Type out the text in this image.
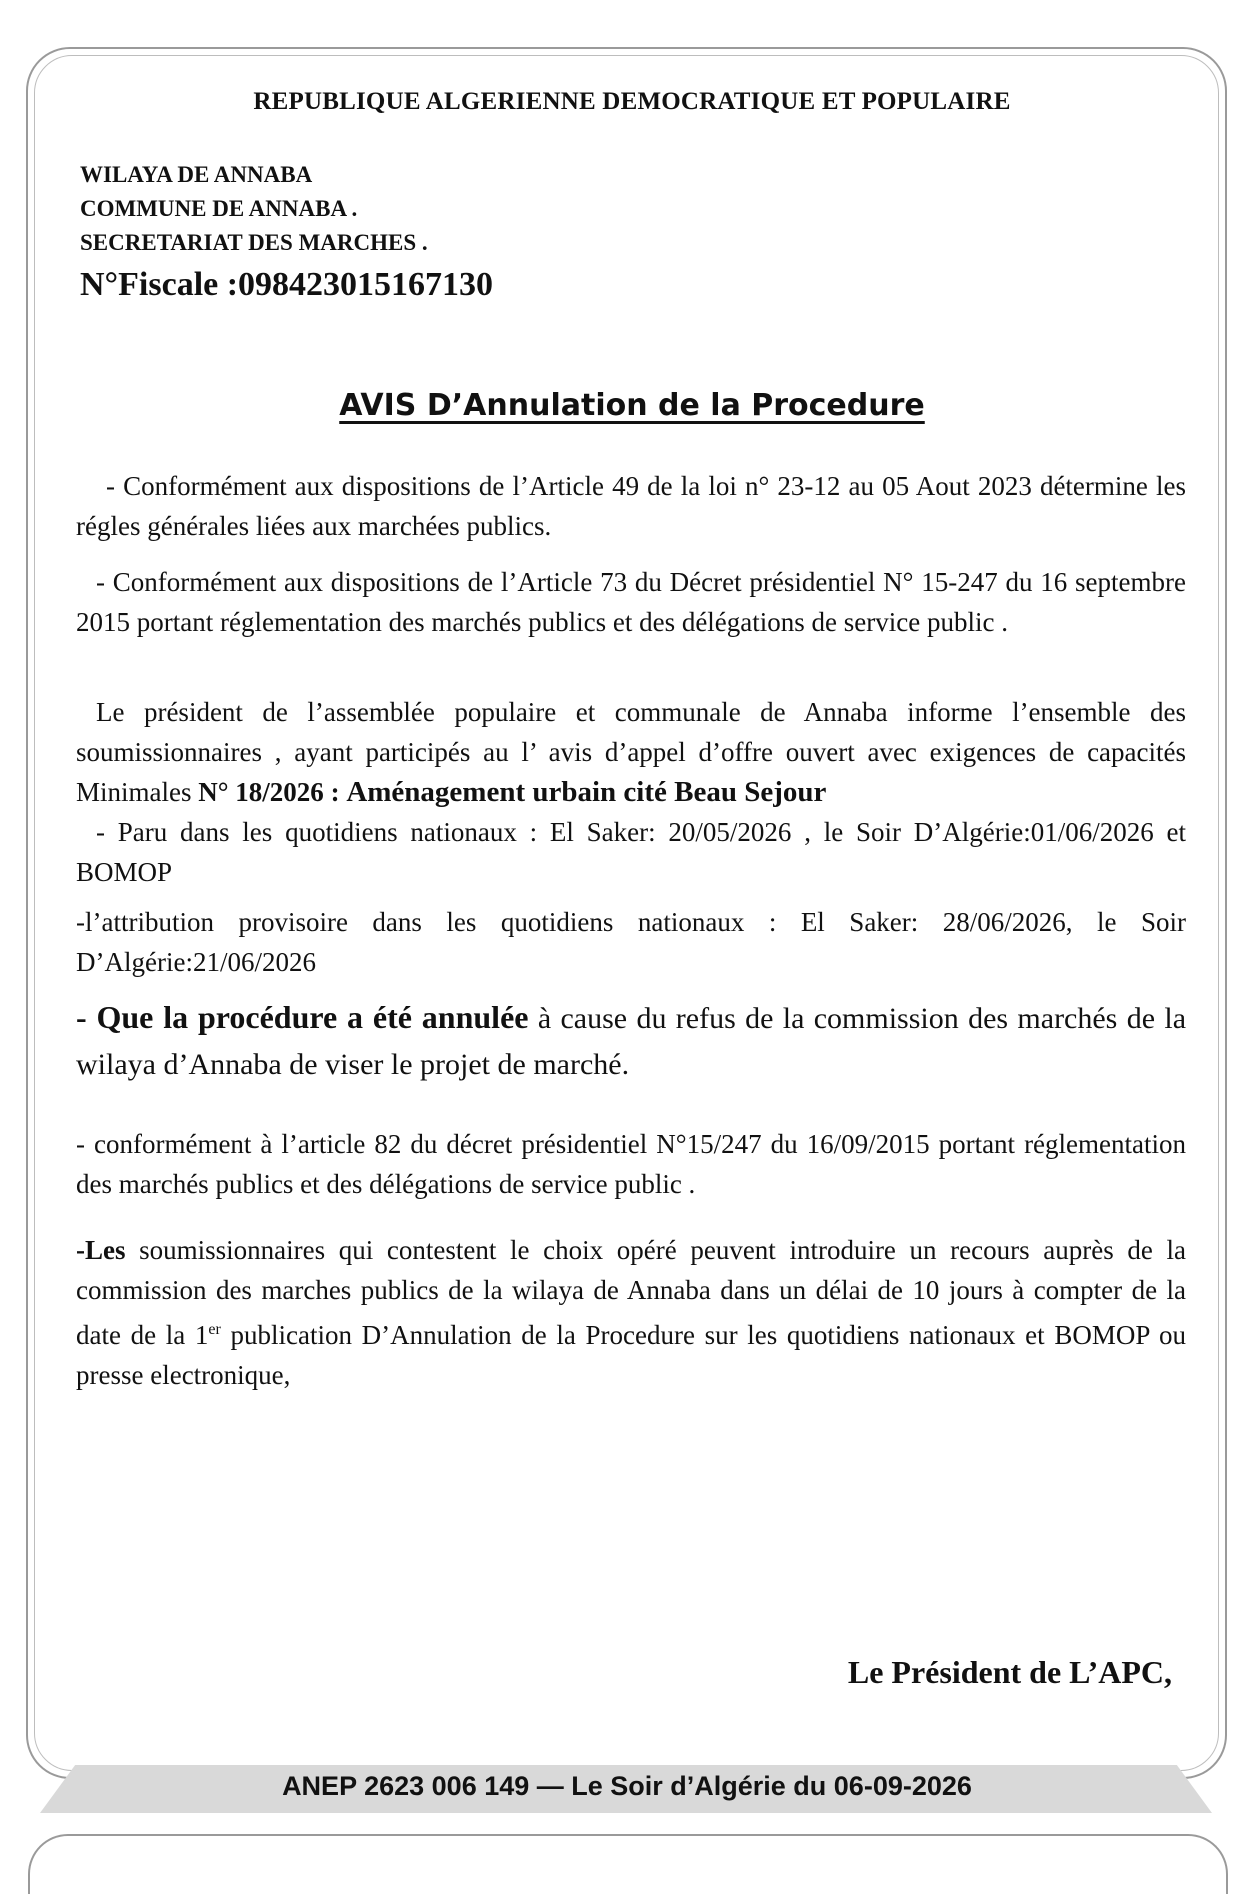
REPUBLIQUE ALGERIENNE DEMOCRATIQUE ET POPULAIRE
WILAYA DE ANNABA
COMMUNE DE ANNABA .
SECRETARIAT DES MARCHES .
N°Fiscale :098423015167130
AVIS D’Annulation de la Procedure

- Conformément aux dispositions de l’Article 49 de la loi n° 23-12 au 05 Aout 2023 détermine les régles générales liées aux marchées publics.

- Conformément aux dispositions de l’Article 73 du Décret présidentiel N° 15-247 du 16 septembre 2015 portant réglementation des marchés publics et des délégations de service public .

Le président de l’assemblée populaire et communale de Annaba informe l’ensemble des soumissionnaires , ayant participés au l’ avis d’appel d’offre ouvert avec exigences de capacités Minimales N° 18/2026 : Aménagement urbain cité Beau Sejour

- Paru dans les quotidiens nationaux : El Saker: 20/05/2026 , le Soir D’Algérie:01/06/2026 et BOMOP

-l’attribution provisoire dans les quotidiens nationaux : El Saker: 28/06/2026, le Soir D’Algérie:21/06/2026

- Que la procédure a été annulée à cause du refus de la commission des marchés de la wilaya d’Annaba de viser le projet de marché.

- conformément à l’article 82 du décret présidentiel N°15/247 du 16/09/2015 portant réglementation des marchés publics et des délégations de service public .

-Les soumissionnaires qui contestent le choix opéré peuvent introduire un recours auprès de la commission des marches publics de la wilaya de Annaba dans un délai de 10 jours à compter de la date de la 1er publication D’Annulation de la Procedure sur les quotidiens nationaux et BOMOP ou presse electronique,

Le Président de L’APC,
ANEP 2623 006 149 — Le Soir d’Algérie du 06-09-2026
